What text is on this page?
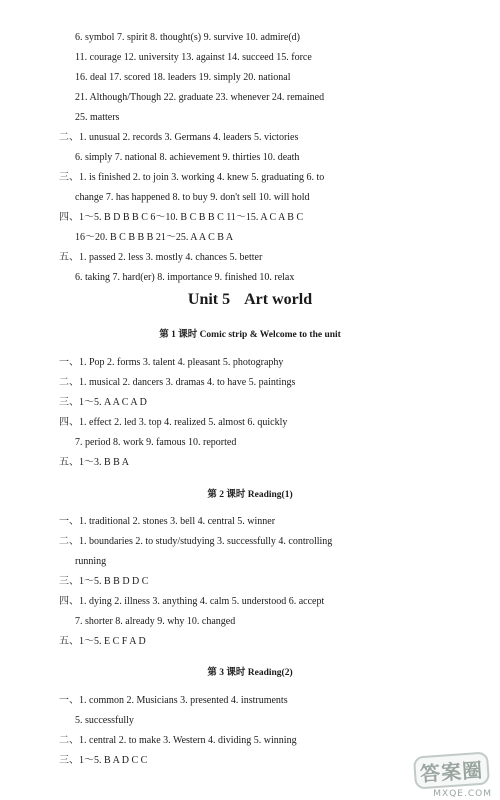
6. symbol 7. spirit 8. thought(s) 9. survive 10. admire(d)
11. courage 12. university 13. against 14. succeed 15. force
16. deal 17. scored 18. leaders 19. simply 20. national
21. Although/Though 22. graduate 23. whenever 24. remained
25. matters
二、1. unusual 2. records 3. Germans 4. leaders 5. victories
6. simply 7. national 8. achievement 9. thirties 10. death
三、1. is finished 2. to join 3. working 4. knew 5. graduating 6. to
change 7. has happened 8. to buy 9. don't sell 10. will hold
四、1～5. B D B B C 6～10. B C B B C 11～15. A C A B C
16～20. B C B B B 21～25. A A C B A
五、1. passed 2. less 3. mostly 4. chances 5. better
6. taking 7. hard(er) 8. importance 9. finished 10. relax
Unit 5 Art world
第 1 课时 Comic strip & Welcome to the unit
一、1. Pop 2. forms 3. talent 4. pleasant 5. photography
二、1. musical 2. dancers 3. dramas 4. to have 5. paintings
三、1～5. A A C A D
四、1. effect 2. led 3. top 4. realized 5. almost 6. quickly
7. period 8. work 9. famous 10. reported
五、1～3. B B A
第 2 课时 Reading(1)
一、1. traditional 2. stones 3. bell 4. central 5. winner
二、1. boundaries 2. to study/studying 3. successfully 4. controlling
running
三、1～5. B B D D C
四、1. dying 2. illness 3. anything 4. calm 5. understood 6. accept
7. shorter 8. already 9. why 10. changed
五、1～5. E C F A D
第 3 课时 Reading(2)
一、1. common 2. Musicians 3. presented 4. instruments
5. successfully
二、1. central 2. to make 3. Western 4. dividing 5. winning
三、1～5. B A D C C	答案圈
MXQE.COM
